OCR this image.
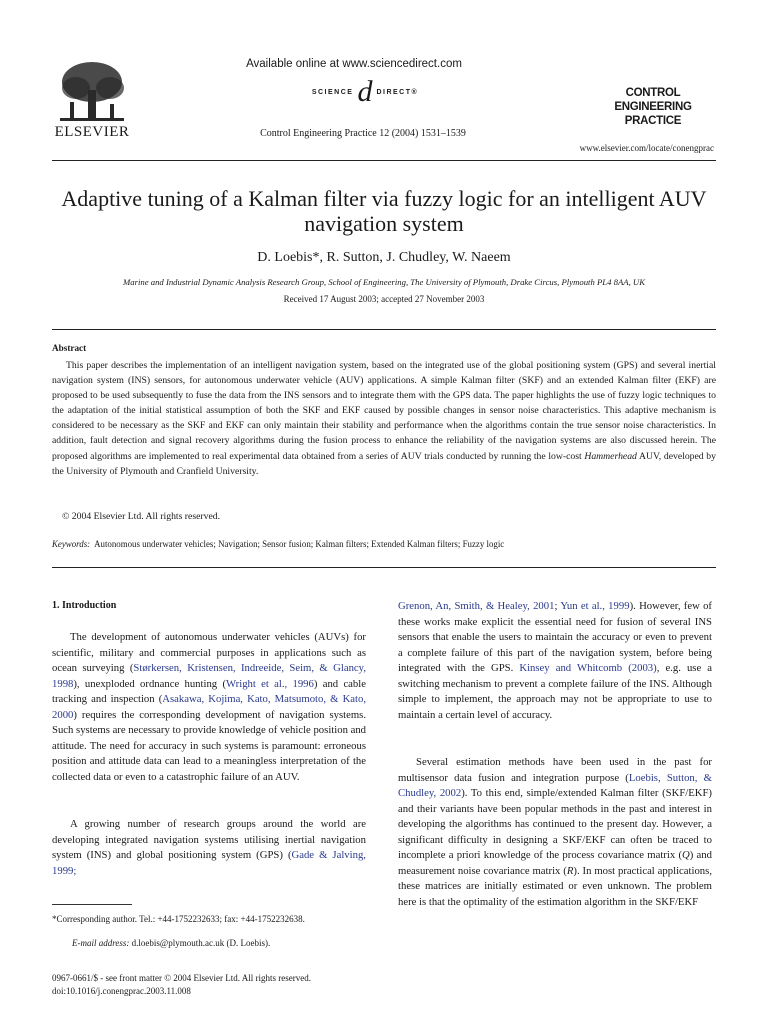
ELSEVIER
Available online at www.sciencedirect.com
SCIENCE d DIRECT®
Control Engineering Practice 12 (2004) 1531–1539
CONTROL ENGINEERING PRACTICE
www.elsevier.com/locate/conengprac
Adaptive tuning of a Kalman filter via fuzzy logic for an intelligent AUV navigation system
D. Loebis*, R. Sutton, J. Chudley, W. Naeem
Marine and Industrial Dynamic Analysis Research Group, School of Engineering, The University of Plymouth, Drake Circus, Plymouth PL4 8AA, UK
Received 17 August 2003; accepted 27 November 2003
Abstract

This paper describes the implementation of an intelligent navigation system, based on the integrated use of the global positioning system (GPS) and several inertial navigation system (INS) sensors, for autonomous underwater vehicle (AUV) applications. A simple Kalman filter (SKF) and an extended Kalman filter (EKF) are proposed to be used subsequently to fuse the data from the INS sensors and to integrate them with the GPS data. The paper highlights the use of fuzzy logic techniques to the adaptation of the initial statistical assumption of both the SKF and EKF caused by possible changes in sensor noise characteristics. This adaptive mechanism is considered to be necessary as the SKF and EKF can only maintain their stability and performance when the algorithms contain the true sensor noise characteristics. In addition, fault detection and signal recovery algorithms during the fusion process to enhance the reliability of the navigation systems are also discussed herein. The proposed algorithms are implemented to real experimental data obtained from a series of AUV trials conducted by running the low-cost Hammerhead AUV, developed by the University of Plymouth and Cranfield University.

© 2004 Elsevier Ltd. All rights reserved.
Keywords: Autonomous underwater vehicles; Navigation; Sensor fusion; Kalman filters; Extended Kalman filters; Fuzzy logic
1. Introduction

The development of autonomous underwater vehicles (AUVs) for scientific, military and commercial purposes in applications such as ocean surveying (Størkersen, Kristensen, Indreeide, Seim, & Glancy, 1998), unexploded ordnance hunting (Wright et al., 1996) and cable tracking and inspection (Asakawa, Kojima, Kato, Matsumoto, & Kato, 2000) requires the corresponding development of navigation systems. Such systems are necessary to provide knowledge of vehicle position and attitude. The need for accuracy in such systems is paramount: erroneous position and attitude data can lead to a meaningless interpretation of the collected data or even to a catastrophic failure of an AUV.

A growing number of research groups around the world are developing integrated navigation systems utilising inertial navigation system (INS) and global positioning system (GPS) (Gade & Jalving, 1999;

*Corresponding author. Tel.: +44-1752232633; fax: +44-1752232638.
E-mail address: d.loebis@plymouth.ac.uk (D. Loebis).
0967-0661/$ - see front matter © 2004 Elsevier Ltd. All rights reserved.
doi:10.1016/j.conengprac.2003.11.008

Grenon, An, Smith, & Healey, 2001; Yun et al., 1999). However, few of these works make explicit the essential need for fusion of several INS sensors that enable the users to maintain the accuracy or even to prevent a complete failure of this part of the navigation system, before being integrated with the GPS. Kinsey and Whitcomb (2003), e.g. use a switching mechanism to prevent a complete failure of the INS. Although simple to implement, the approach may not be appropriate to use to maintain a certain level of accuracy.

Several estimation methods have been used in the past for multisensor data fusion and integration purpose (Loebis, Sutton, & Chudley, 2002). To this end, simple/extended Kalman filter (SKF/EKF) and their variants have been popular methods in the past and interest in developing the algorithms has continued to the present day. However, a significant difficulty in designing a SKF/EKF can often be traced to incomplete a priori knowledge of the process covariance matrix (Q) and measurement noise covariance matrix (R). In most practical applications, these matrices are initially estimated or even unknown. The problem here is that the optimality of the estimation algorithm in the SKF/EKF
